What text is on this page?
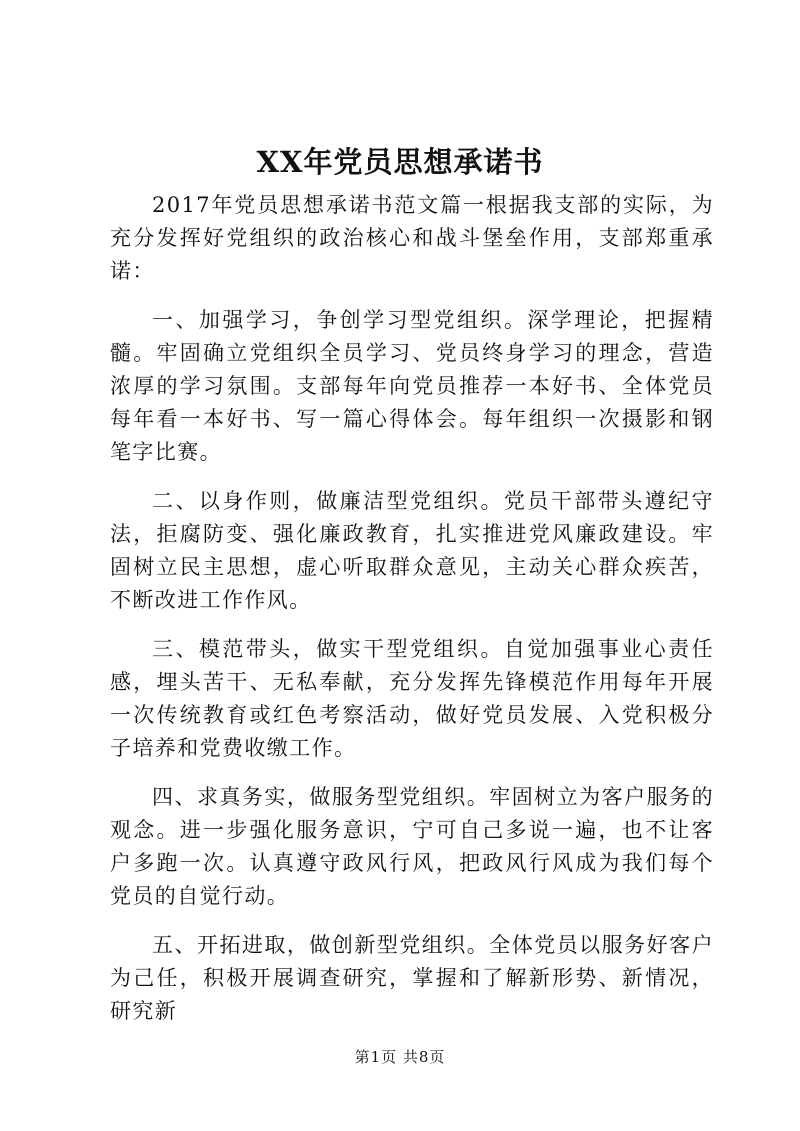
XX年党员思想承诺书

2017年党员思想承诺书范文篇一根据我支部的实际，为充分发挥好党组织的政治核心和战斗堡垒作用，支部郑重承诺：

一、加强学习，争创学习型党组织。深学理论，把握精髓。牢固确立党组织全员学习、党员终身学习的理念，营造浓厚的学习氛围。支部每年向党员推荐一本好书、全体党员每年看一本好书、写一篇心得体会。每年组织一次摄影和钢笔字比赛。

二、以身作则，做廉洁型党组织。党员干部带头遵纪守法，拒腐防变、强化廉政教育，扎实推进党风廉政建设。牢固树立民主思想，虚心听取群众意见，主动关心群众疾苦，不断改进工作作风。

三、模范带头，做实干型党组织。自觉加强事业心责任感，埋头苦干、无私奉献，充分发挥先锋模范作用每年开展一次传统教育或红色考察活动，做好党员发展、入党积极分子培养和党费收缴工作。

四、求真务实，做服务型党组织。牢固树立为客户服务的观念。进一步强化服务意识，宁可自己多说一遍，也不让客户多跑一次。认真遵守政风行风，把政风行风成为我们每个党员的自觉行动。

五、开拓进取，做创新型党组织。全体党员以服务好客户为己任，积极开展调查研究，掌握和了解新形势、新情况，研究新

第1页 共8页
